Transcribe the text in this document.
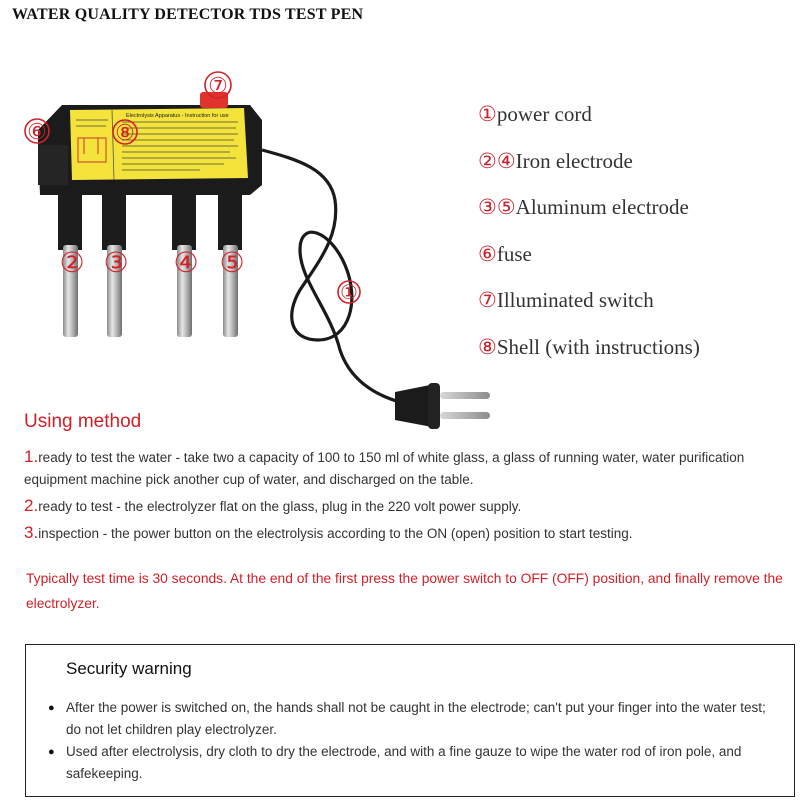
WATER QUALITY DETECTOR TDS TEST PEN
Electrolysis Apparatus - Instruction for use
⑦
⑥	⑧
①
② ③ ④ ⑤
① power cord
②④ Iron electrode
③⑤ Aluminum electrode
⑥ fuse
⑦ Illuminated switch
⑧ Shell (with instructions)
Using method
1.ready to test the water - take two a capacity of 100 to 150 ml of white glass, a glass of running water, water purification equipment machine pick another cup of water, and discharged on the table.
2.ready to test - the electrolyzer flat on the glass, plug in the 220 volt power supply.
3.inspection - the power button on the electrolysis according to the ON (open) position to start testing.
Typically test time is 30 seconds. At the end of the first press the power switch to OFF (OFF) position, and finally remove the electrolyzer.
Security warning
● After the power is switched on, the hands shall not be caught in the electrode; can't put your finger into the water test; do not let children play electrolyzer.
● Used after electrolysis, dry cloth to dry the electrode, and with a fine gauze to wipe the water rod of iron pole, and safekeeping.
